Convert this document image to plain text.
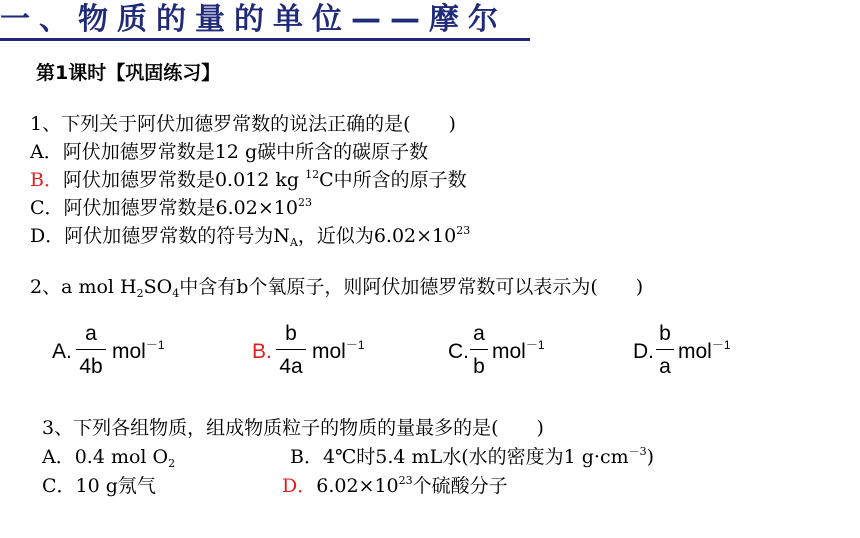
一、物质的量的单位——摩尔
第1课时【巩固练习】
1、下列关于阿伏加德罗常数的说法正确的是(　　)
A．阿伏加德罗常数是12 g碳中所含的碳原子数
B．阿伏加德罗常数是0.012 kg $^{12}$C中所含的原子数
C．阿伏加德罗常数是$6.02\times 10^{23}$
D．阿伏加德罗常数的符号为$N_A$，近似为$6.02\times 10^{23}$
2、a mol $H_2SO_4$中含有b个氧原子，则阿伏加德罗常数可以表示为(　　)
A.
a
4b
mol$^{-1}$	B.
b
4a
mol$^{-1}$	C.
a
b
mol$^{-1}$	D.
b
a
mol$^{-1}$
3、下列各组物质，组成物质粒子的物质的量最多的是(　　)
A．0.4 mol $O_2$	B．4℃时5.4 mL水(水的密度为1 $g\cdot cm^{-3}$)
C．10 g氖气	D．$6.02\times 10^{23}$个硫酸分子
